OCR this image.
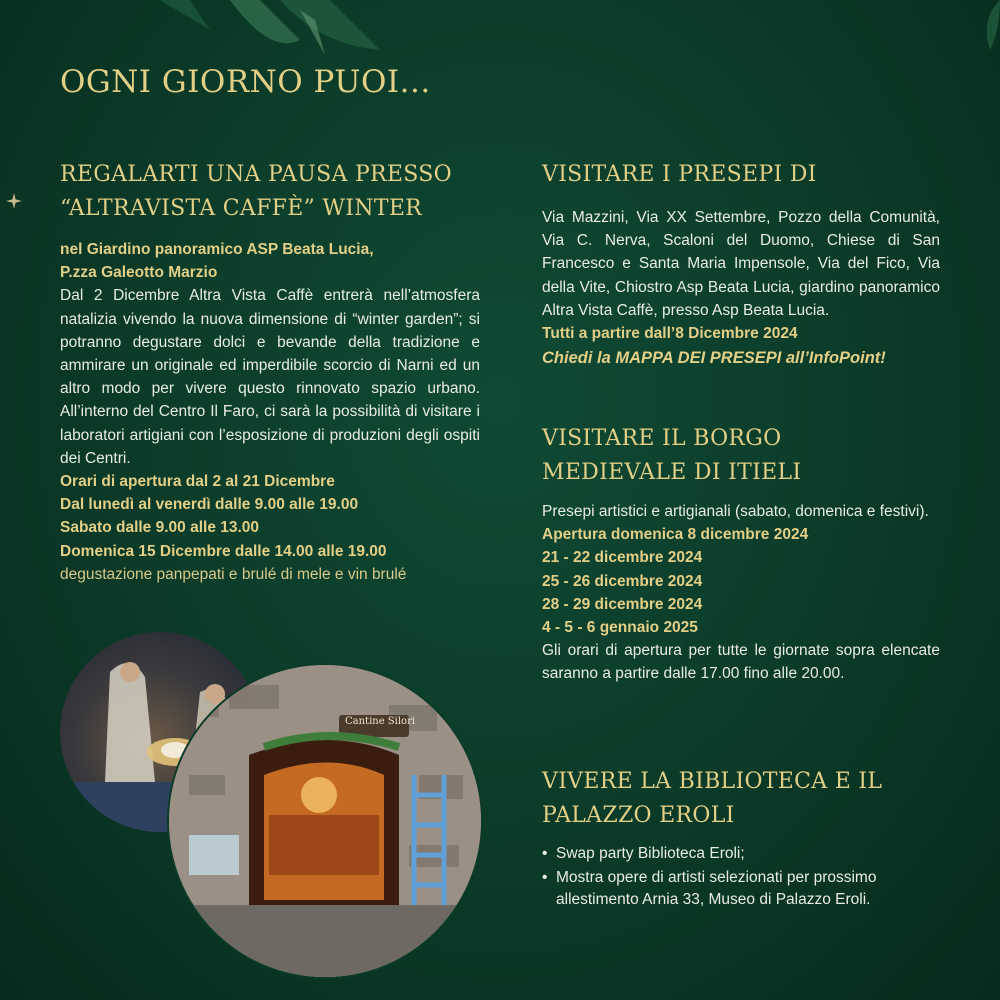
OGNI GIORNO PUOI...
REGALARTI UNA PAUSA PRESSO
“ALTRAVISTA CAFFÈ” WINTER
nel Giardino panoramico ASP Beata Lucia,
P.zza Galeotto Marzio

Dal 2 Dicembre Altra Vista Caffè entrerà nell’atmosfera natalizia vivendo la nuova dimensione di “winter garden”; si potranno degustare dolci e bevande della tradizione e ammirare un originale ed imperdibile scorcio di Narni ed un altro modo per vivere questo rinnovato spazio urbano. All’interno del Centro Il Faro, ci sarà la possibilità di visitare i laboratori artigiani con l’esposizione di produzioni degli ospiti dei Centri.

Orari di apertura dal 2 al 21 Dicembre
Dal lunedì al venerdì dalle 9.00 alle 19.00
Sabato dalle 9.00 alle 13.00
Domenica 15 Dicembre dalle 14.00 alle 19.00
degustazione panpepati e brulé di mele e vin brulé
Cantine Silori
VISITARE I PRESEPI DI

Via Mazzini, Via XX Settembre, Pozzo della Comunità, Via C. Nerva, Scaloni del Duomo, Chiese di San Francesco e Santa Maria Impensole, Via del Fico, Via della Vite, Chiostro Asp Beata Lucia, giardino panoramico Altra Vista Caffè, presso Asp Beata Lucia.

Tutti a partire dall’8 Dicembre 2024
Chiedi la MAPPA DEI PRESEPI all’InfoPoint!
VISITARE IL BORGO
MEDIEVALE DI ITIELI

Presepi artistici e artigianali (sabato, domenica e festivi).

Apertura domenica 8 dicembre 2024
21 - 22 dicembre 2024
25 - 26 dicembre 2024
28 - 29 dicembre 2024
4 - 5 - 6 gennaio 2025

Gli orari di apertura per tutte le giornate sopra elencate saranno a partire dalle 17.00 fino alle 20.00.

VIVERE LA BIBLIOTECA E IL
PALAZZO EROLI
• Swap party Biblioteca Eroli;
• Mostra opere di artisti selezionati per prossimo allestimento Arnia 33, Museo di Palazzo Eroli.
